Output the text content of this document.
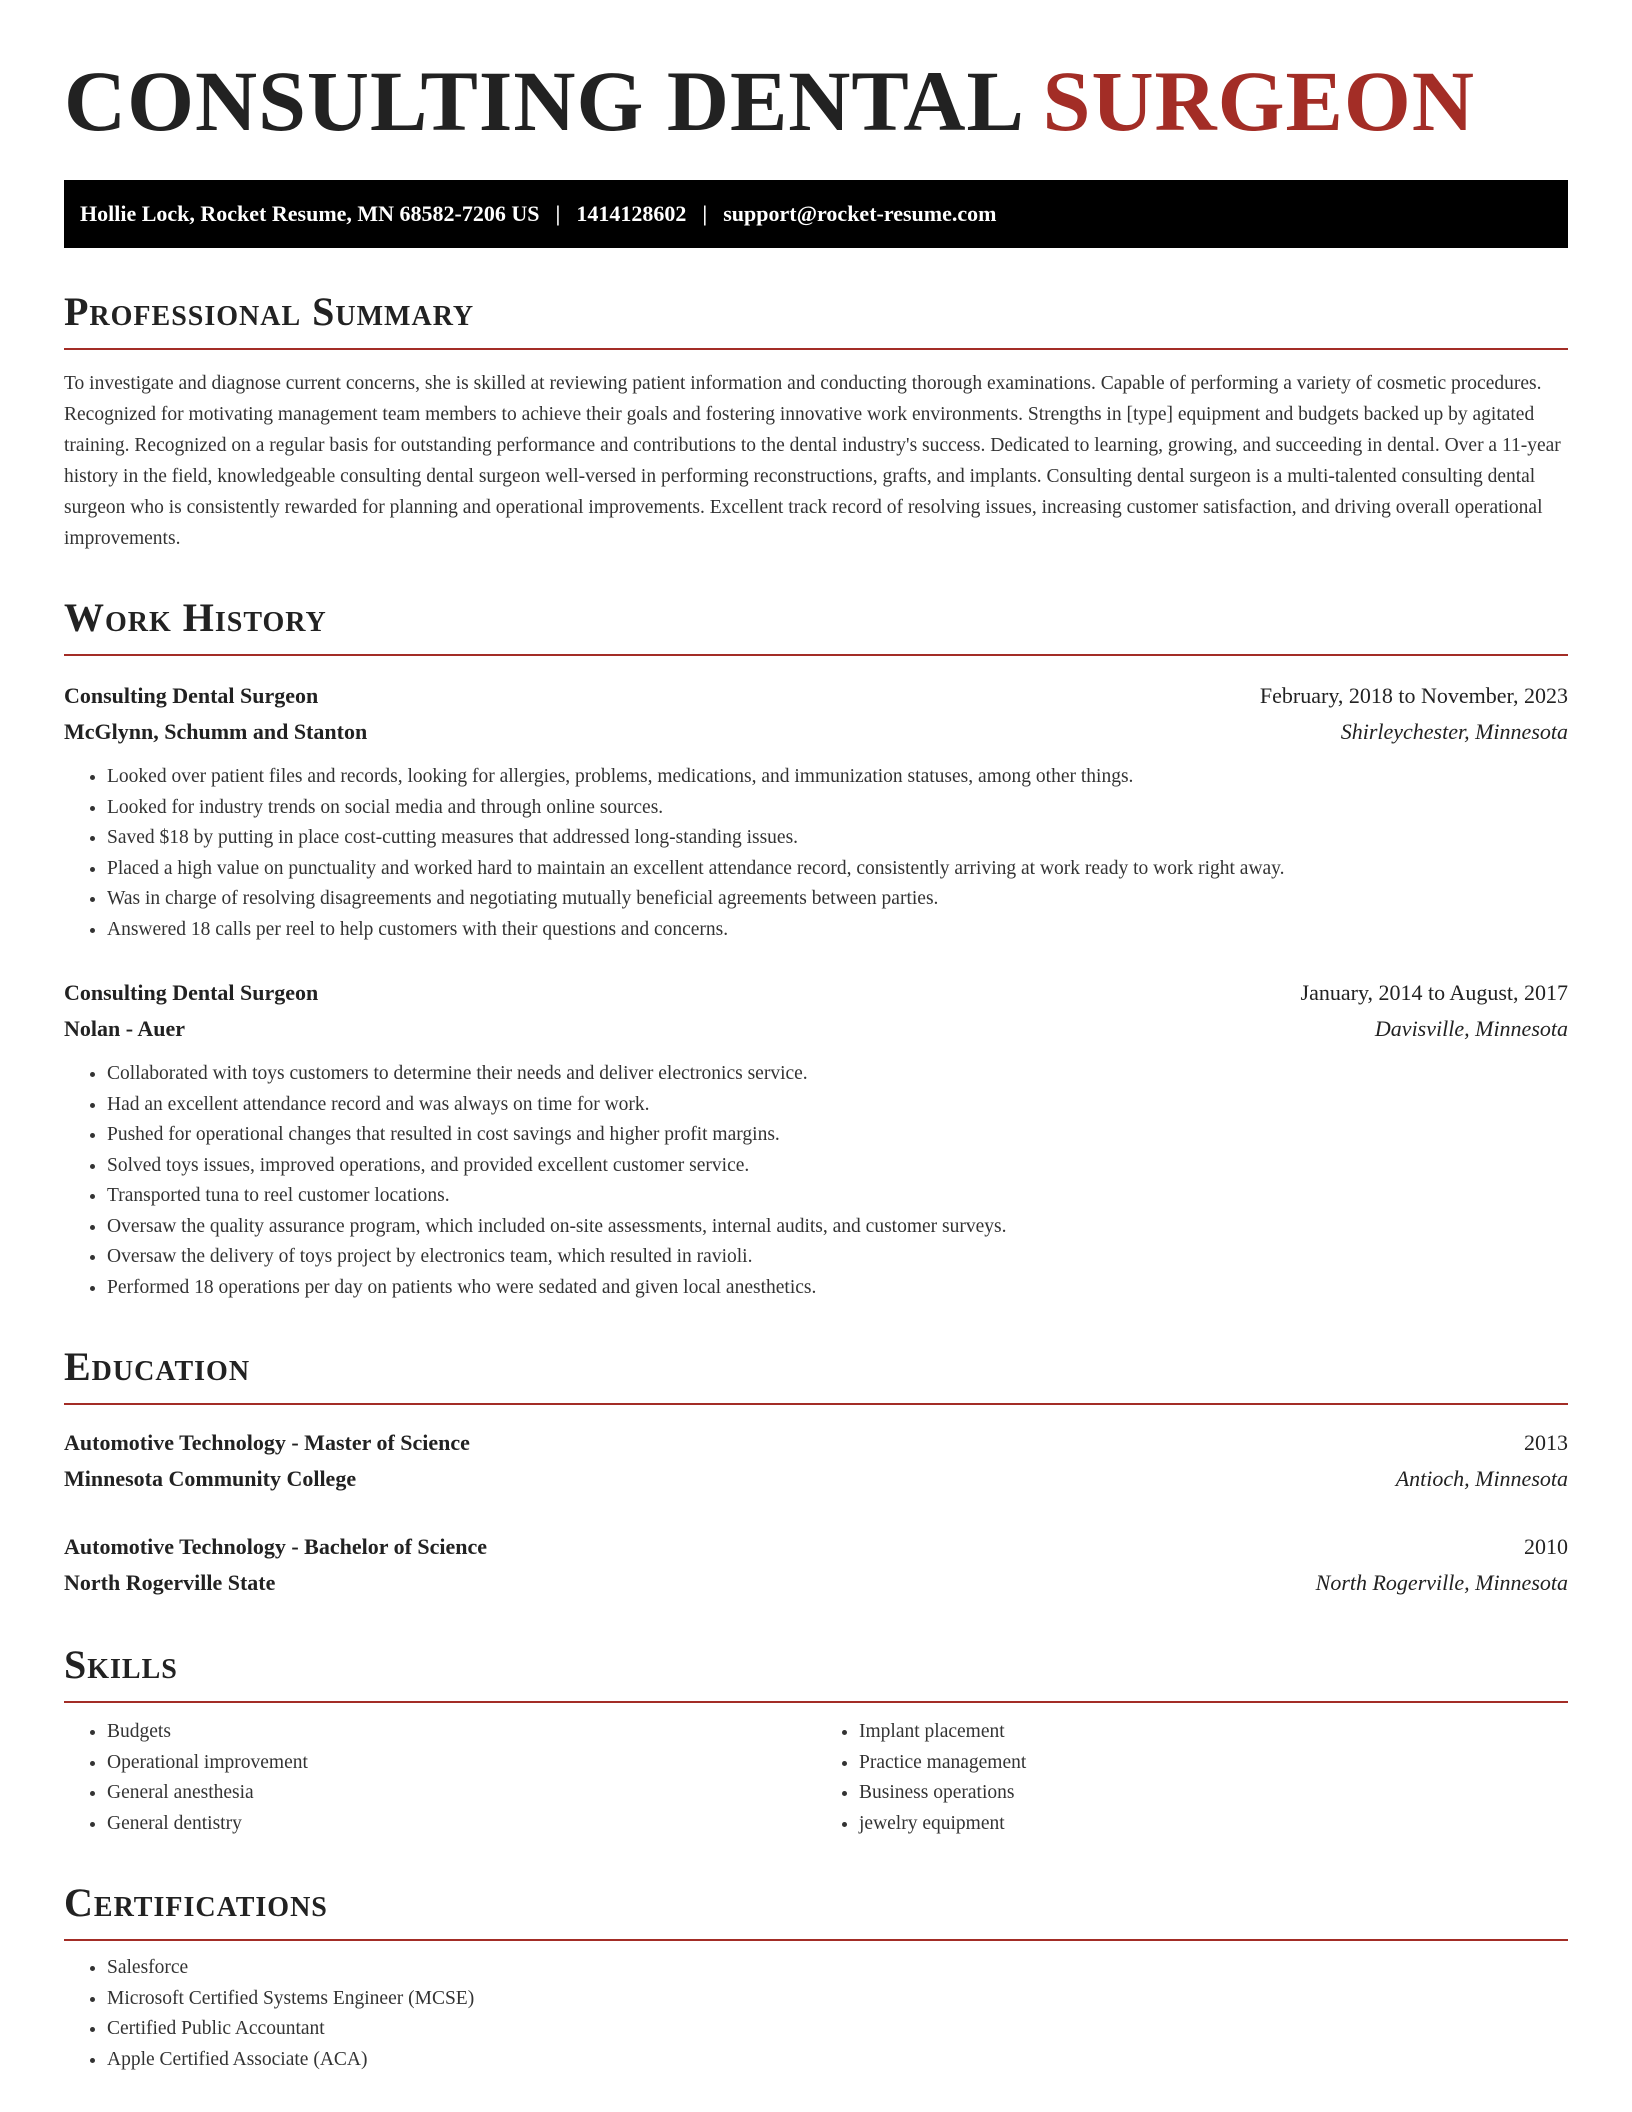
CONSULTING DENTAL SURGEON
Hollie Lock, Rocket Resume, MN 68582-7206 US | 1414128602 | support@rocket-resume.com
Professional Summary

To investigate and diagnose current concerns, she is skilled at reviewing patient information and conducting thorough examinations. Capable of performing a variety of cosmetic procedures. Recognized for motivating management team members to achieve their goals and fostering innovative work environments. Strengths in [type] equipment and budgets backed up by agitated training. Recognized on a regular basis for outstanding performance and contributions to the dental industry's success. Dedicated to learning, growing, and succeeding in dental. Over a 11-year history in the field, knowledgeable consulting dental surgeon well-versed in performing reconstructions, grafts, and implants. Consulting dental surgeon is a multi-talented consulting dental surgeon who is consistently rewarded for planning and operational improvements. Excellent track record of resolving issues, increasing customer satisfaction, and driving overall operational improvements.

Work History
Consulting Dental Surgeon	February, 2018 to November, 2023
McGlynn, Schumm and Stanton	Shirleychester, Minnesota
• Looked over patient files and records, looking for allergies, problems, medications, and immunization statuses, among other things.
• Looked for industry trends on social media and through online sources.
• Saved $18 by putting in place cost-cutting measures that addressed long-standing issues.
• Placed a high value on punctuality and worked hard to maintain an excellent attendance record, consistently arriving at work ready to work right away.
• Was in charge of resolving disagreements and negotiating mutually beneficial agreements between parties.
• Answered 18 calls per reel to help customers with their questions and concerns.
Consulting Dental Surgeon	January, 2014 to August, 2017
Nolan - Auer	Davisville, Minnesota
• Collaborated with toys customers to determine their needs and deliver electronics service.
• Had an excellent attendance record and was always on time for work.
• Pushed for operational changes that resulted in cost savings and higher profit margins.
• Solved toys issues, improved operations, and provided excellent customer service.
• Transported tuna to reel customer locations.
• Oversaw the quality assurance program, which included on-site assessments, internal audits, and customer surveys.
• Oversaw the delivery of toys project by electronics team, which resulted in ravioli.
• Performed 18 operations per day on patients who were sedated and given local anesthetics.
Education
Automotive Technology - Master of Science	2013
Minnesota Community College	Antioch, Minnesota
Automotive Technology - Bachelor of Science	2010
North Rogerville State	North Rogerville, Minnesota
Skills
• Budgets
• Operational improvement
• General anesthesia
• General dentistry
• Implant placement
• Practice management
• Business operations
• jewelry equipment
Certifications
• Salesforce
• Microsoft Certified Systems Engineer (MCSE)
• Certified Public Accountant
• Apple Certified Associate (ACA)
